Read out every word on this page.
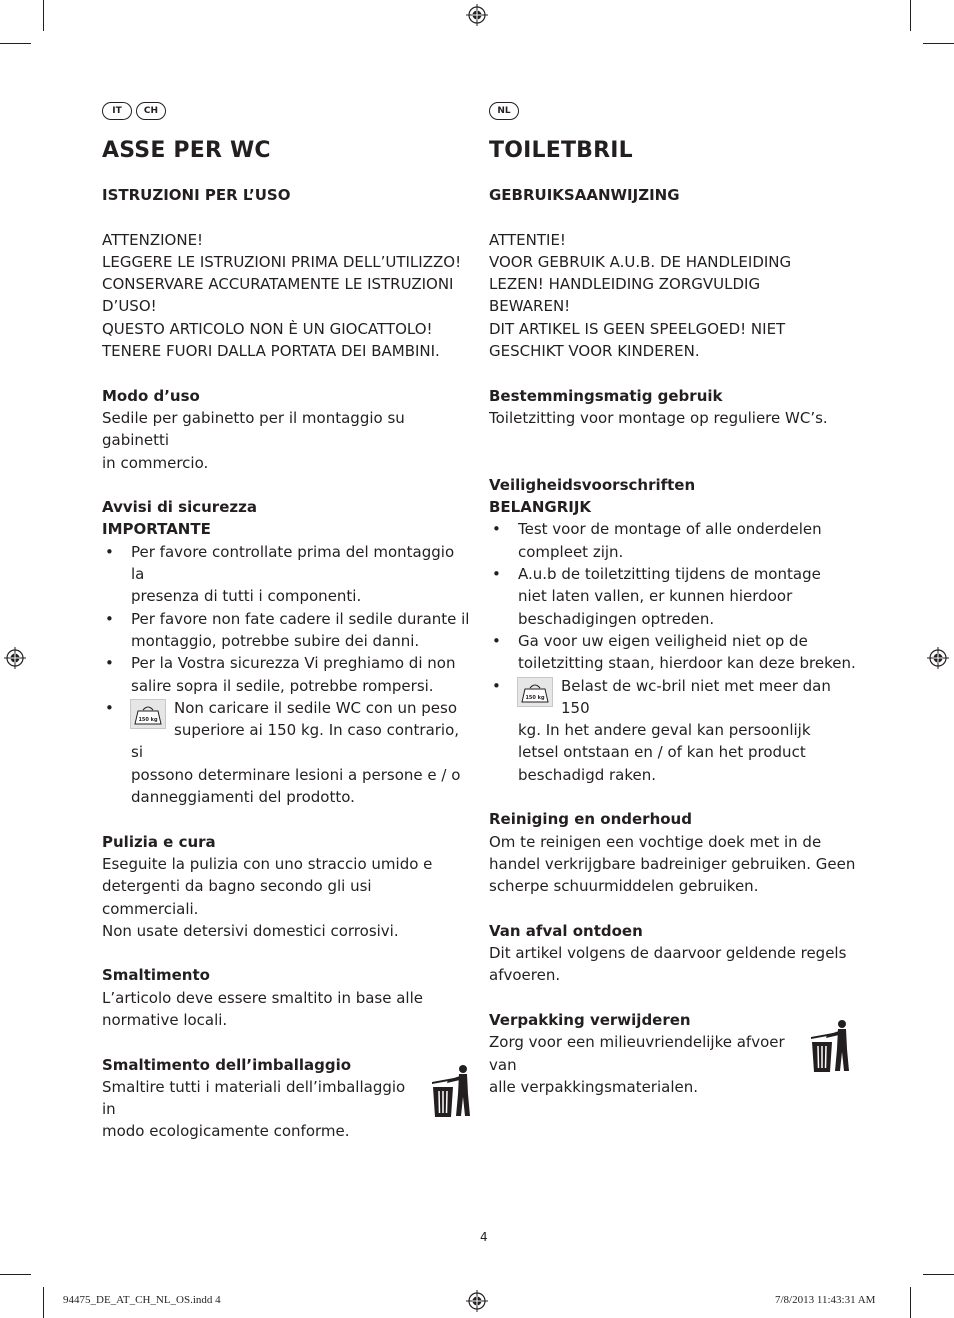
IT	CH
ASSE PER WC

ISTRUZIONI PER L’USO

ATTENZIONE!

LEGGERE LE ISTRUZIONI PRIMA DELL’UTILIZZO!

CONSERVARE ACCURATAMENTE LE ISTRUZIONI

D’USO!

QUESTO ARTICOLO NON È UN GIOCATTOLO!

TENERE FUORI DALLA PORTATA DEI BAMBINI.

Modo d’uso

Sedile per gabinetto per il montaggio su gabinetti

in commercio.

Avvisi di sicurezza

IMPORTANTE

• Per favore controllate prima del montaggio la
presenza di tutti i componenti.
• Per favore non fate cadere il sedile durante il
montaggio, potrebbe subire dei danni.
• Per la Vostra sicurezza Vi preghiamo di non
salire sopra il sedile, potrebbe rompersi.
•
150 kg
Non caricare il sedile WC con un peso
superiore ai 150 kg. In caso contrario, si
possono determinare lesioni a persone e / o
danneggiamenti del prodotto.

Pulizia e cura

Eseguite la pulizia con uno straccio umido e

detergenti da bagno secondo gli usi commerciali.

Non usate detersivi domestici corrosivi.

Smaltimento

L’articolo deve essere smaltito in base alle

normative locali.

Smaltimento dell’imballaggio

Smaltire tutti i materiali dell’imballaggio in

modo ecologicamente conforme.

NL
TOILETBRIL

GEBRUIKSAANWIJZING

ATTENTIE!

VOOR GEBRUIK A.U.B. DE HANDLEIDING

LEZEN! HANDLEIDING ZORGVULDIG

BEWAREN!

DIT ARTIKEL IS GEEN SPEELGOED! NIET

GESCHIKT VOOR KINDEREN.

Bestemmingsmatig gebruik

Toiletzitting voor montage op reguliere WC’s.

Veiligheidsvoorschriften

BELANGRIJK

• Test voor de montage of alle onderdelen
compleet zijn.
• A.u.b de toiletzitting tijdens de montage
niet laten vallen, er kunnen hierdoor
beschadigingen optreden.
• Ga voor uw eigen veiligheid niet op de
toiletzitting staan, hierdoor kan deze breken.
•
150 kg
Belast de wc-bril niet met meer dan 150
kg. In het andere geval kan persoonlijk
letsel ontstaan en / of kan het product
beschadigd raken.

Reiniging en onderhoud

Om te reinigen een vochtige doek met in de

handel verkrijgbare badreiniger gebruiken. Geen

scherpe schuurmiddelen gebruiken.

Van afval ontdoen

Dit artikel volgens de daarvoor geldende regels

afvoeren.

Verpakking verwijderen

Zorg voor een milieuvriendelijke afvoer van

alle verpakkingsmaterialen.

4
94475_DE_AT_CH_NL_OS.indd 4	7/8/2013 11:43:31 AM
